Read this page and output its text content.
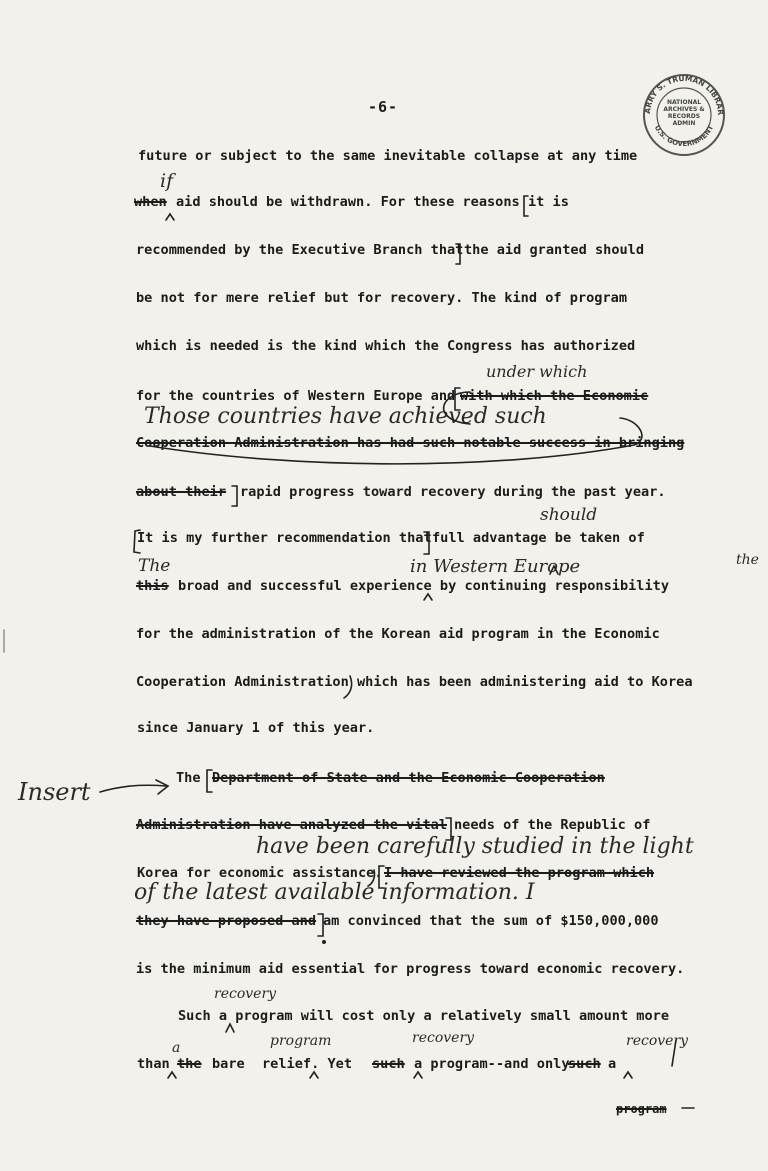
ARRY S. TRUMAN LIBRAR
U.S. GOVERNMENT
NATIONAL
ARCHIVES &
RECORDS
ADMIN
-6-
future or subject to the same inevitable collapse at any time
when aid should be withdrawn. For these reasons it is
recommended by the Executive Branch that the aid granted should
be not for mere relief but for recovery. The kind of program
which is needed is the kind which the Congress has authorized
for the countries of Western Europe and with which the Economic
Cooperation Administration has had such notable success in bringing
about their rapid progress toward recovery during the past year.
It is my further recommendation that full advantage be taken of
this broad and successful experience by continuing responsibility
for the administration of the Korean aid program in the Economic
Cooperation Administration which has been administering aid to Korea
since January 1 of this year.
The Department of State and the Economic Cooperation
Administration have analyzed the vital needs of the Republic of
Korea for economic assistance. I have reviewed the program which
they have proposed and am convinced that the sum of $150,000,000
is the minimum aid essential for progress toward economic recovery.
Such a program will cost only a relatively small amount more
than the bare relief. Yet such a program--and only
such a
program
if
under which
Those countries have achieved such
should
The	in Western Europe	the
Insert
have been carefully studied in the light
of the latest available information. I
recovery
a	program	recovery	recovery
